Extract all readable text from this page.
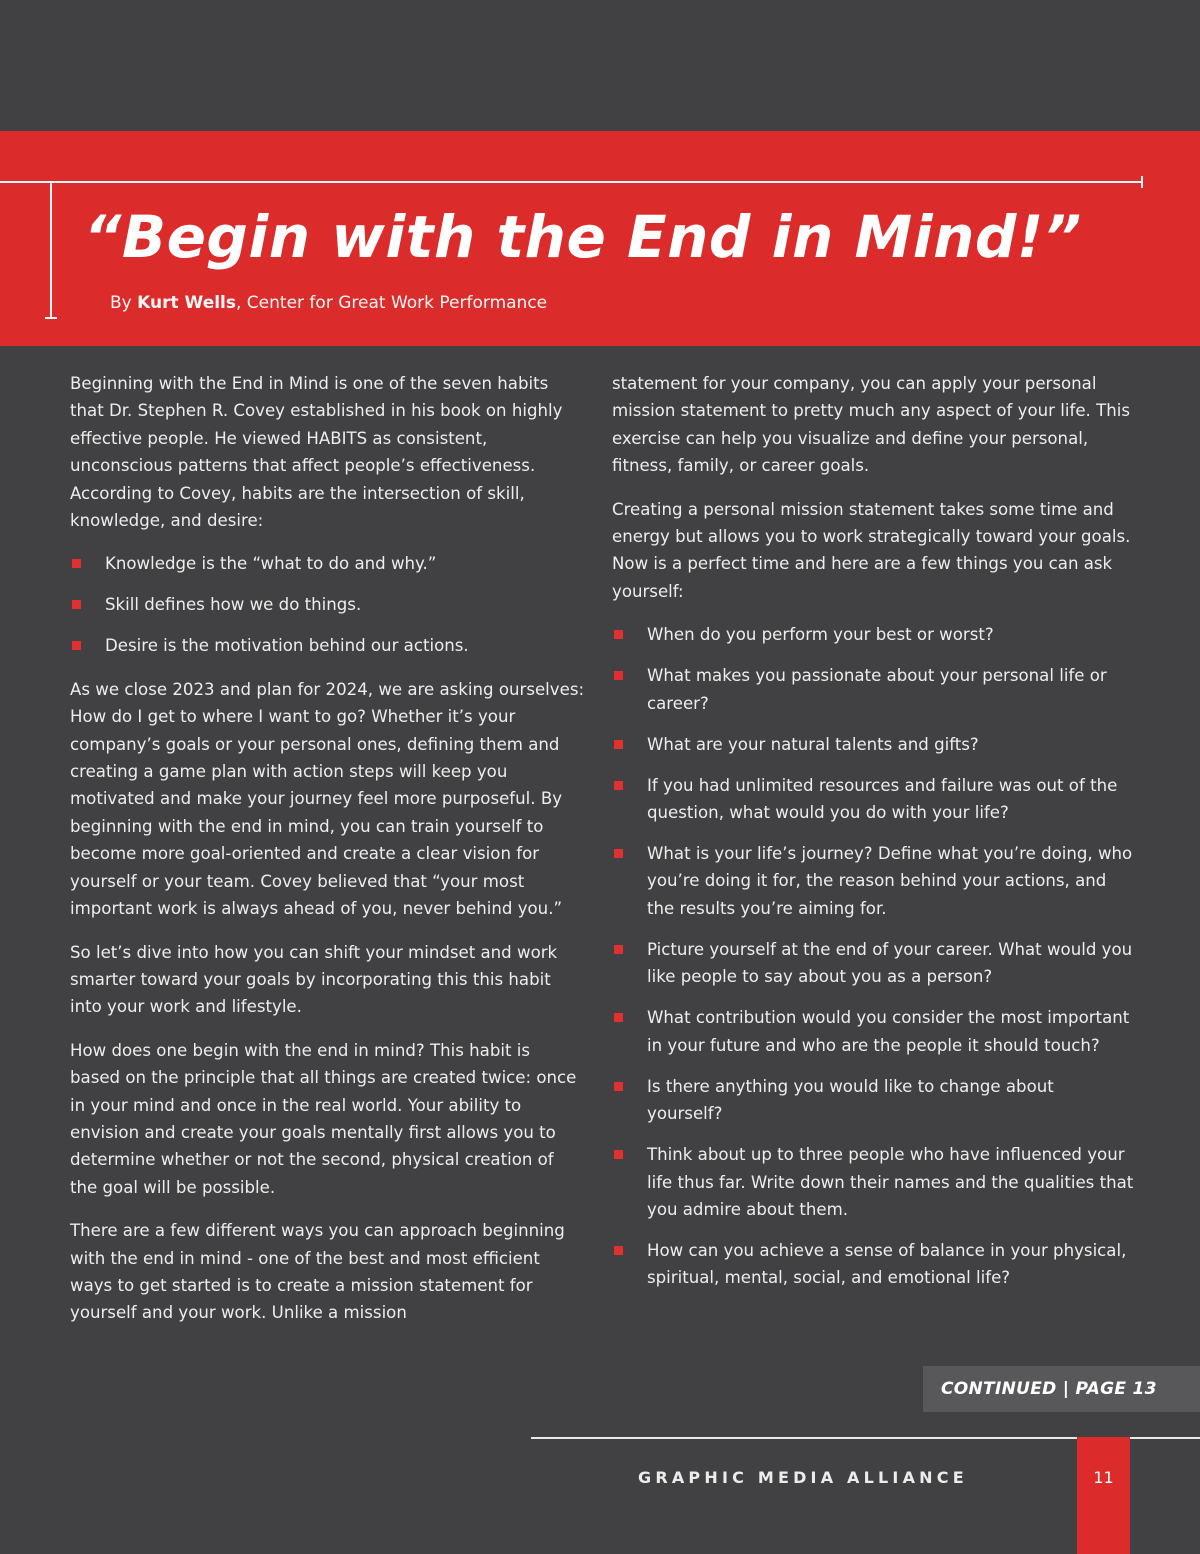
“Begin with the End in Mind!”
By Kurt Wells, Center for Great Work Performance

Beginning with the End in Mind is one of the seven habits that Dr. Stephen R. Covey established in his book on highly effective people. He viewed HABITS as consistent, unconscious patterns that affect people’s effectiveness. According to Covey, habits are the intersection of skill, knowledge, and desire:

Knowledge is the “what to do and why.”
Skill defines how we do things.
Desire is the motivation behind our actions.

As we close 2023 and plan for 2024, we are asking ourselves: How do I get to where I want to go? Whether it’s your company’s goals or your personal ones, defining them and creating a game plan with action steps will keep you motivated and make your journey feel more purposeful. By beginning with the end in mind, you can train yourself to become more goal-oriented and create a clear vision for yourself or your team. Covey believed that “your most important work is always ahead of you, never behind you.”

So let’s dive into how you can shift your mindset and work smarter toward your goals by incorporating this this habit into your work and lifestyle.

How does one begin with the end in mind? This habit is based on the principle that all things are created twice: once in your mind and once in the real world. Your ability to envision and create your goals mentally first allows you to determine whether or not the second, physical creation of the goal will be possible.

There are a few different ways you can approach beginning with the end in mind - one of the best and most efficient ways to get started is to create a mission statement for yourself and your work. Unlike a mission

statement for your company, you can apply your personal mission statement to pretty much any aspect of your life. This exercise can help you visualize and define your personal, fitness, family, or career goals.

Creating a personal mission statement takes some time and energy but allows you to work strategically toward your goals. Now is a perfect time and here are a few things you can ask yourself:

When do you perform your best or worst?
What makes you passionate about your personal life or career?
What are your natural talents and gifts?
If you had unlimited resources and failure was out of the question, what would you do with your life?
What is your life’s journey? Define what you’re doing, who you’re doing it for, the reason behind your actions, and the results you’re aiming for.
Picture yourself at the end of your career. What would you like people to say about you as a person?
What contribution would you consider the most important in your future and who are the people it should touch?
Is there anything you would like to change about yourself?
Think about up to three people who have influenced your life thus far. Write down their names and the qualities that you admire about them.
How can you achieve a sense of balance in your physical, spiritual, mental, social, and emotional life?
CONTINUED | PAGE 13
GRAPHIC MEDIA ALLIANCE	11
